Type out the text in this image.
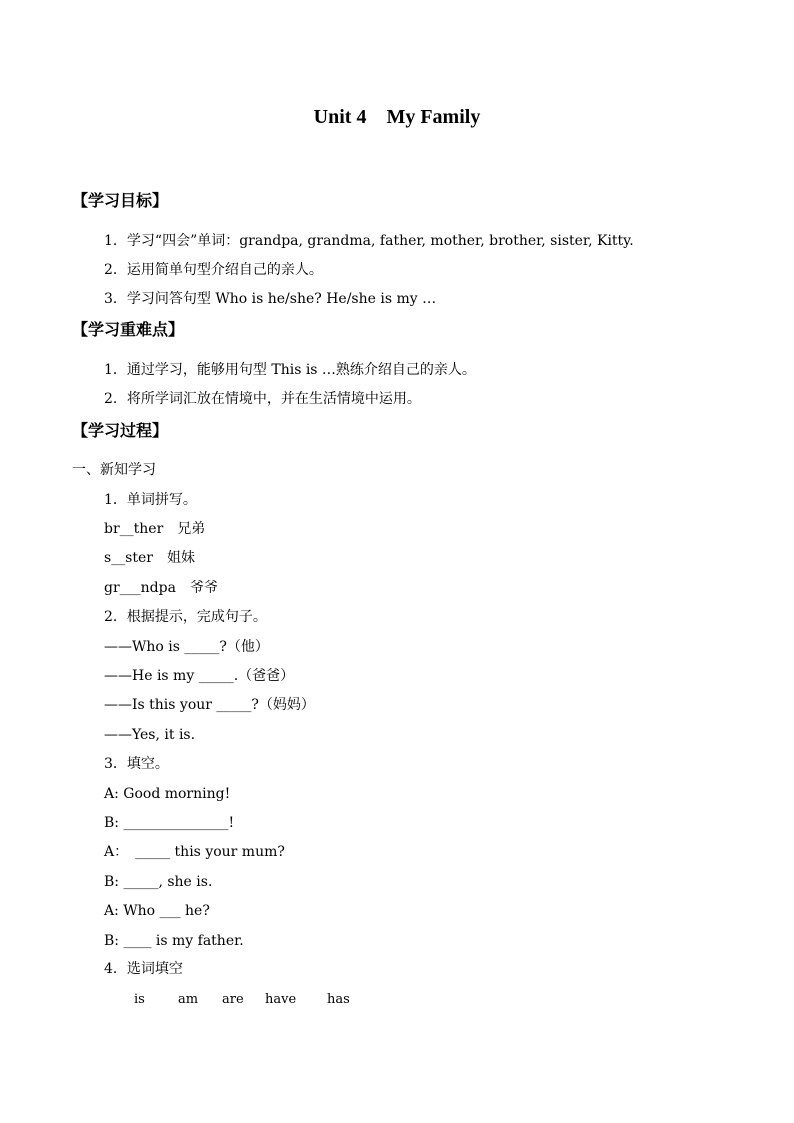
Unit 4　My Family
【学习目标】
1．学习“四会”单词：grandpa, grandma, father, mother, brother, sister, Kitty.
2．运用简单句型介绍自己的亲人。
3．学习问答句型 Who is he/she? He/she is my …
【学习重难点】
1．通过学习，能够用句型 This is …熟练介绍自己的亲人。
2．将所学词汇放在情境中，并在生活情境中运用。
【学习过程】
一、新知学习
1．单词拼写。
br__ther　兄弟
s__ster　姐妹
gr___ndpa　爷爷
2．根据提示，完成句子。
——Who is _____?（他）
——He is my _____.（爸爸）
——Is this your _____?（妈妈）
——Yes, it is.
3．填空。
A: Good morning!
B: _______________!
A：　_____ this your mum?
B: _____, she is.
A: Who ___ he?
B: ____ is my father.
4．选词填空
is	am are have has
